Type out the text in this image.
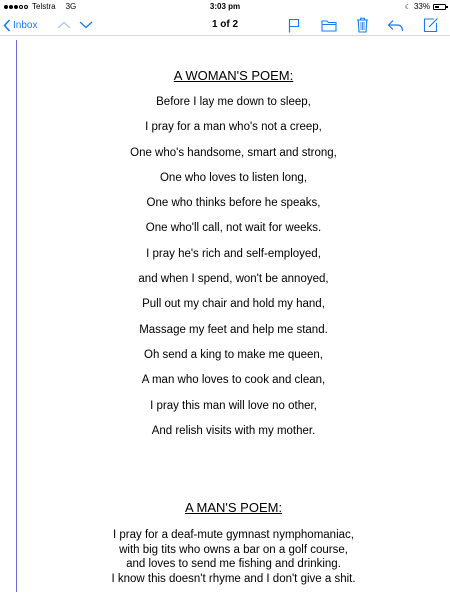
Telstra 3G	3:03 pm	☾ 33%
Inbox	1 of 2
A WOMAN'S POEM:
Before I lay me down to sleep,
I pray for a man who's not a creep,
One who's handsome, smart and strong,
One who loves to listen long,
One who thinks before he speaks,
One who'll call, not wait for weeks.
I pray he's rich and self-employed,
and when I spend, won't be annoyed,
Pull out my chair and hold my hand,
Massage my feet and help me stand.
Oh send a king to make me queen,
A man who loves to cook and clean,
I pray this man will love no other,
And relish visits with my mother.
A MAN'S POEM:
I pray for a deaf-mute gymnast nymphomaniac,
with big tits who owns a bar on a golf course,
and loves to send me fishing and drinking.
I know this doesn't rhyme and I don't give a shit.
